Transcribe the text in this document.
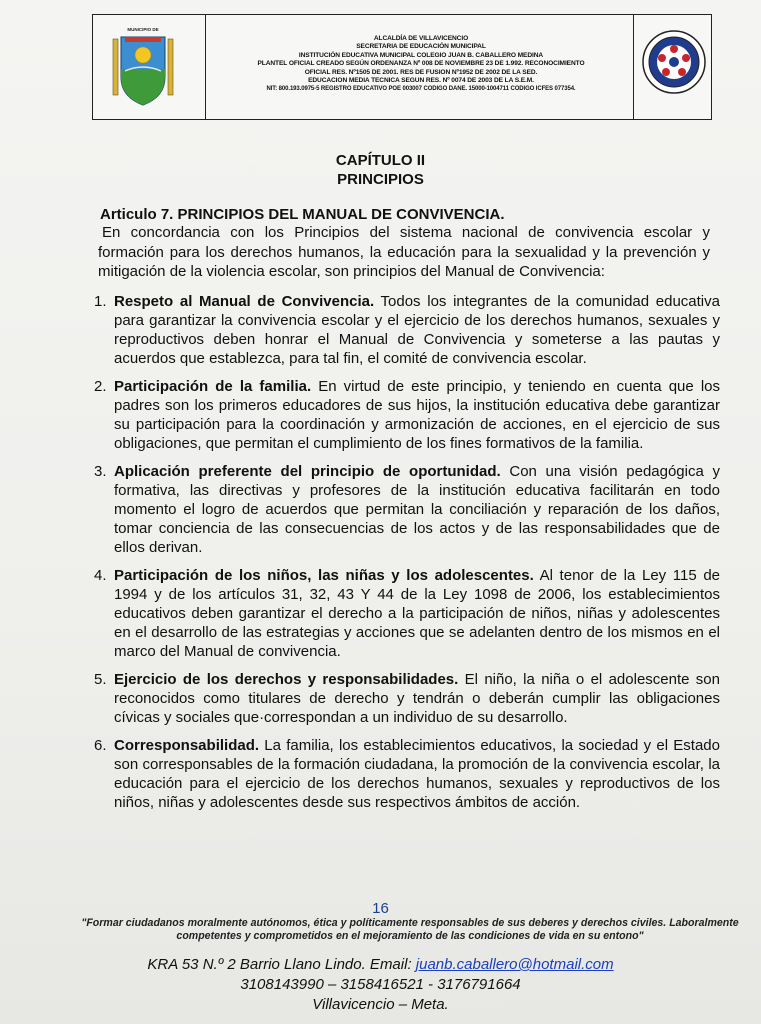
MUNICIPIO DE
ALCALDÍA DE VILLAVICENCIO
SECRETARIA DE EDUCACIÓN MUNICIPAL
INSTITUCIÓN EDUCATIVA MUNICIPAL COLEGIO JUAN B. CABALLERO MEDINA
PLANTEL OFICIAL CREADO SEGÚN ORDENANZA Nº 008 DE NOVIEMBRE 23 DE 1.992. RECONOCIMIENTO
OFICIAL RES. Nº1505 DE 2001. RES DE FUSION Nº1952 DE 2002 DE LA SED.
EDUCACION MEDIA TECNICA SEGUN RES. Nº 0074 DE 2003 DE LA S.E.M.
NIT: 800.193.0975-5 REGISTRO EDUCATIVO POE 003007 CODIGO DANE. 15000-1004711 CODIGO ICFES 077354.
CAPÍTULO II
PRINCIPIOS
Articulo 7. PRINCIPIOS DEL MANUAL DE CONVIVENCIA.
En concordancia con los Principios del sistema nacional de convivencia escolar y formación para los derechos humanos, la educación para la sexualidad y la prevención y mitigación de la violencia escolar, son principios del Manual de Convivencia:
1. Respeto al Manual de Convivencia. Todos los integrantes de la comunidad educativa para garantizar la convivencia escolar y el ejercicio de los derechos humanos, sexuales y reproductivos deben honrar el Manual de Convivencia y someterse a las pautas y acuerdos que establezca, para tal fin, el comité de convivencia escolar.
2. Participación de la familia. En virtud de este principio, y teniendo en cuenta que los padres son los primeros educadores de sus hijos, la institución educativa debe garantizar su participación para la coordinación y armonización de acciones, en el ejercicio de sus obligaciones, que permitan el cumplimiento de los fines formativos de la familia.
3. Aplicación preferente del principio de oportunidad. Con una visión pedagógica y formativa, las directivas y profesores de la institución educativa facilitarán en todo momento el logro de acuerdos que permitan la conciliación y reparación de los daños, tomar conciencia de las consecuencias de los actos y de las responsabilidades que de ellos derivan.
4. Participación de los niños, las niñas y los adolescentes. Al tenor de la Ley 115 de 1994 y de los artículos 31, 32, 43 Y 44 de la Ley 1098 de 2006, los establecimientos educativos deben garantizar el derecho a la participación de niños, niñas y adolescentes en el desarrollo de las estrategias y acciones que se adelanten dentro de los mismos en el marco del Manual de convivencia.
5. Ejercicio de los derechos y responsabilidades. El niño, la niña o el adolescente son reconocidos como titulares de derecho y tendrán o deberán cumplir las obligaciones cívicas y sociales que·correspondan a un individuo de su desarrollo.
6. Corresponsabilidad. La familia, los establecimientos educativos, la sociedad y el Estado son corresponsables de la formación ciudadana, la promoción de la convivencia escolar, la educación para el ejercicio de los derechos humanos, sexuales y reproductivos de los niños, niñas y adolescentes desde sus respectivos ámbitos de acción.
16
"Formar ciudadanos moralmente autónomos, ética y políticamente responsables de sus deberes y derechos civiles. Laboralmente
competentes y comprometidos en el mejoramiento de las condiciones de vida en su entono"
KRA 53 N.º 2 Barrio Llano Lindo. Email: juanb.caballero@hotmail.com
3108143990 – 3158416521 - 3176791664
Villavicencio – Meta.
